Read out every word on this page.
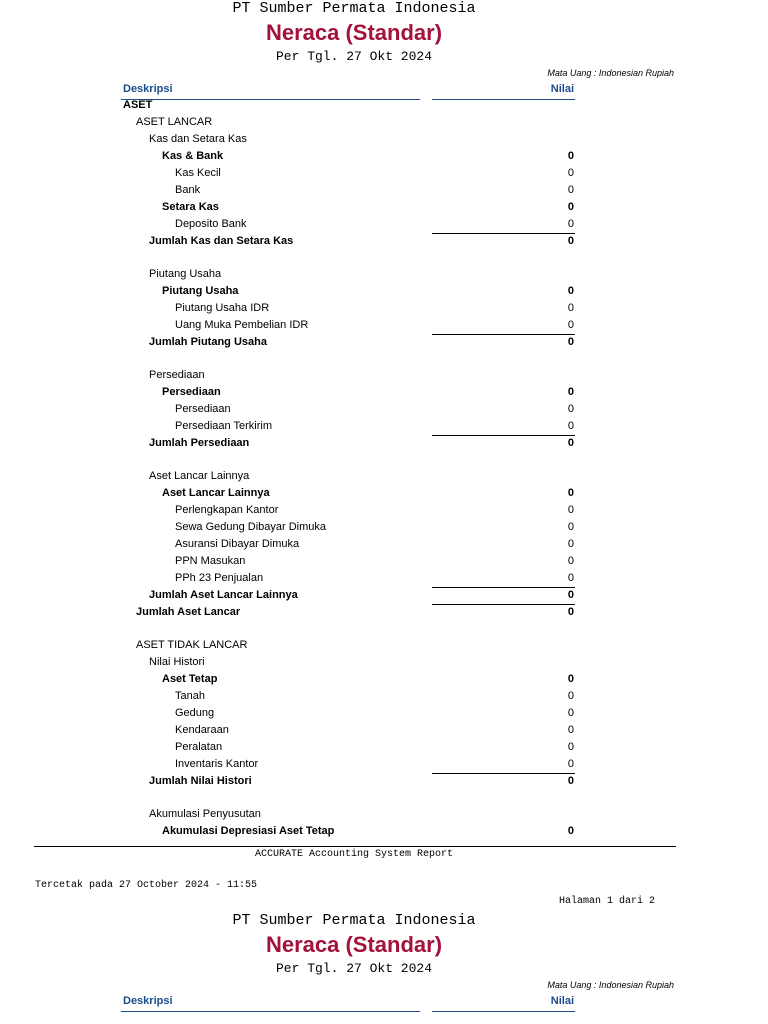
PT Sumber Permata Indonesia
Neraca (Standar)
Per Tgl. 27 Okt 2024
Mata Uang : Indonesian Rupiah
Deskripsi	Nilai
ASET
ASET LANCAR
Kas dan Setara Kas
Kas & Bank	0
Kas Kecil	0
Bank	0
Setara Kas	0
Deposito Bank	0
Jumlah Kas dan Setara Kas	0
Piutang Usaha
Piutang Usaha	0
Piutang Usaha IDR	0
Uang Muka Pembelian IDR	0
Jumlah Piutang Usaha	0
Persediaan
Persediaan	0
Persediaan	0
Persediaan Terkirim	0
Jumlah Persediaan	0
Aset Lancar Lainnya
Aset Lancar Lainnya	0
Perlengkapan Kantor	0
Sewa Gedung Dibayar Dimuka	0
Asuransi Dibayar Dimuka	0
PPN Masukan	0
PPh 23 Penjualan	0
Jumlah Aset Lancar Lainnya	0
Jumlah Aset Lancar	0
ASET TIDAK LANCAR
Nilai Histori
Aset Tetap	0
Tanah	0
Gedung	0
Kendaraan	0
Peralatan	0
Inventaris Kantor	0
Jumlah Nilai Histori	0
Akumulasi Penyusutan
Akumulasi Depresiasi Aset Tetap	0
ACCURATE Accounting System Report
Tercetak pada 27 October 2024 - 11:55
Halaman 1 dari 2
PT Sumber Permata Indonesia
Neraca (Standar)
Per Tgl. 27 Okt 2024
Mata Uang : Indonesian Rupiah
Deskripsi	Nilai
